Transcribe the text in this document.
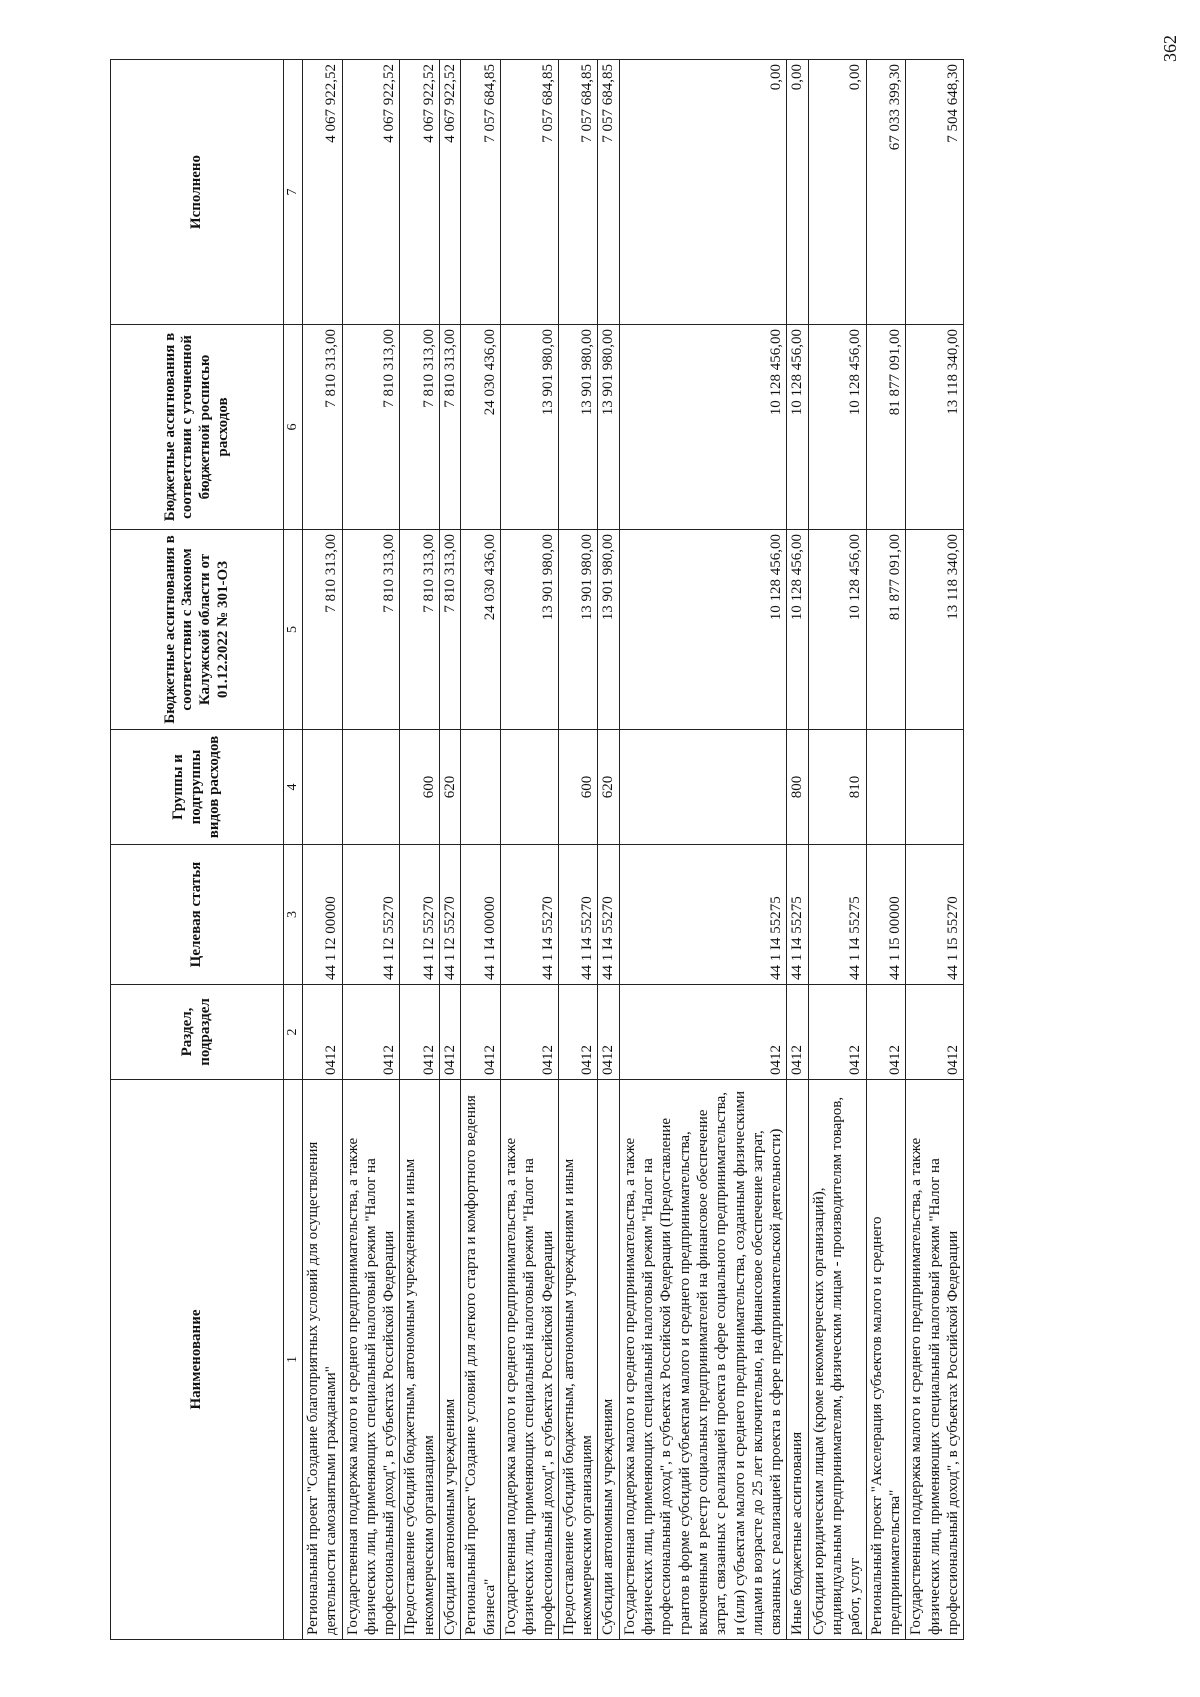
Наименование	Раздел, подраздел	Целевая статья	Группы и подгруппы видов расходов	Бюджетные ассигнования в соответствии с Законом Калужской области от 01.12.2022 № 301-ОЗ	Бюджетные ассигнования в соответствии с уточненной бюджетной росписью расходов	Исполнено
1	2	3	4	5	6	7
Региональный проект "Создание благоприятных условий для осуществления деятельности самозанятыми гражданами"	0412	44 1 I2 00000		7 810 313,00	7 810 313,00	4 067 922,52
Государственная поддержка малого и среднего предпринимательства, а также физических лиц, применяющих специальный налоговый режим "Налог на профессиональный доход", в субъектах Российской Федерации	0412	44 1 I2 55270		7 810 313,00	7 810 313,00	4 067 922,52
Предоставление субсидий бюджетным, автономным учреждениям и иным некоммерческим организациям	0412	44 1 I2 55270	600	7 810 313,00	7 810 313,00	4 067 922,52
Субсидии автономным учреждениям	0412	44 1 I2 55270	620	7 810 313,00	7 810 313,00	4 067 922,52
Региональный проект "Создание условий для легкого старта и комфортного ведения бизнеса"	0412	44 1 I4 00000		24 030 436,00	24 030 436,00	7 057 684,85
Государственная поддержка малого и среднего предпринимательства, а также физических лиц, применяющих специальный налоговый режим "Налог на профессиональный доход", в субъектах Российской Федерации	0412	44 1 I4 55270		13 901 980,00	13 901 980,00	7 057 684,85
Предоставление субсидий бюджетным, автономным учреждениям и иным некоммерческим организациям	0412	44 1 I4 55270	600	13 901 980,00	13 901 980,00	7 057 684,85
Субсидии автономным учреждениям	0412	44 1 I4 55270	620	13 901 980,00	13 901 980,00	7 057 684,85
Государственная поддержка малого и среднего предпринимательства, а также физических лиц, применяющих специальный налоговый режим "Налог на профессиональный доход", в субъектах Российской Федерации (Предоставление грантов в форме субсидий субъектам малого и среднего предпринимательства, включенным в реестр социальных предпринимателей на финансовое обеспечение затрат, связанных с реализацией проекта в сфере социального предпринимательства, и (или) субъектам малого и среднего предпринимательства, созданным физическими лицами в возрасте до 25 лет включительно, на финансовое обеспечение затрат, связанных с реализацией проекта в сфере предпринимательской деятельности)	0412	44 1 I4 55275		10 128 456,00	10 128 456,00	0,00
Иные бюджетные ассигнования	0412	44 1 I4 55275	800	10 128 456,00	10 128 456,00	0,00
Субсидии юридическим лицам (кроме некоммерческих организаций), индивидуальным предпринимателям, физическим лицам - производителям товаров, работ, услуг	0412	44 1 I4 55275	810	10 128 456,00	10 128 456,00	0,00
Региональный проект "Акселерация субъектов малого и среднего предпринимательства"	0412	44 1 I5 00000		81 877 091,00	81 877 091,00	67 033 399,30
Государственная поддержка малого и среднего предпринимательства, а также физических лиц, применяющих специальный налоговый режим "Налог на профессиональный доход", в субъектах Российской Федерации	0412	44 1 I5 55270		13 118 340,00	13 118 340,00	7 504 648,30
362
